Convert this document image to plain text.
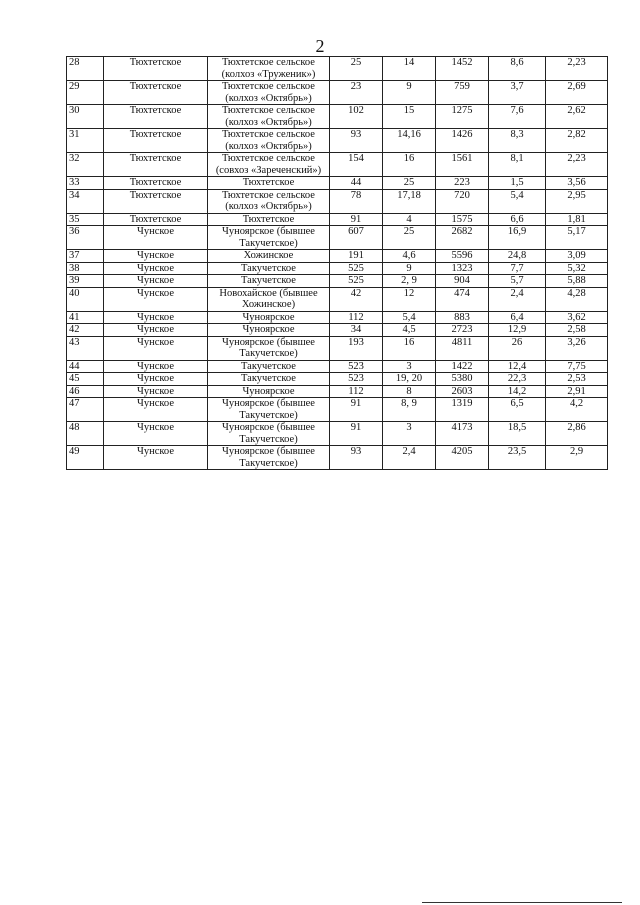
2
28	Тюхтетское	Тюхтетское сельское
(колхоз «Труженик»)	25	14	1452	8,6	2,23
29	Тюхтетское	Тюхтетское сельское
(колхоз «Октябрь»)	23	9	759	3,7	2,69
30	Тюхтетское	Тюхтетское сельское
(колхоз «Октябрь»)	102	15	1275	7,6	2,62
31	Тюхтетское	Тюхтетское сельское
(колхоз «Октябрь»)	93	14,16	1426	8,3	2,82
32	Тюхтетское	Тюхтетское сельское
(совхоз «Зареченский»)	154	16	1561	8,1	2,23
33	Тюхтетское	Тюхтетское	44	25	223	1,5	3,56
34	Тюхтетское	Тюхтетское сельское
(колхоз «Октябрь»)	78	17,18	720	5,4	2,95
35	Тюхтетское	Тюхтетское	91	4	1575	6,6	1,81
36	Чунское	Чуноярское (бывшее
Такучетское)	607	25	2682	16,9	5,17
37	Чунское	Хожинское	191	4,6	5596	24,8	3,09
38	Чунское	Такучетское	525	9	1323	7,7	5,32
39	Чунское	Такучетское	525	2, 9	904	5,7	5,88
40	Чунское	Новохайское (бывшее
Хожинское)	42	12	474	2,4	4,28
41	Чунское	Чуноярское	112	5,4	883	6,4	3,62
42	Чунское	Чуноярское	34	4,5	2723	12,9	2,58
43	Чунское	Чуноярское (бывшее
Такучетское)	193	16	4811	26	3,26
44	Чунское	Такучетское	523	3	1422	12,4	7,75
45	Чунское	Такучетское	523	19, 20	5380	22,3	2,53
46	Чунское	Чуноярское	112	8	2603	14,2	2,91
47	Чунское	Чуноярское (бывшее
Такучетское)	91	8, 9	1319	6,5	4,2
48	Чунское	Чуноярское (бывшее
Такучетское)	91	3	4173	18,5	2,86
49	Чунское	Чуноярское (бывшее
Такучетское)	93	2,4	4205	23,5	2,9
